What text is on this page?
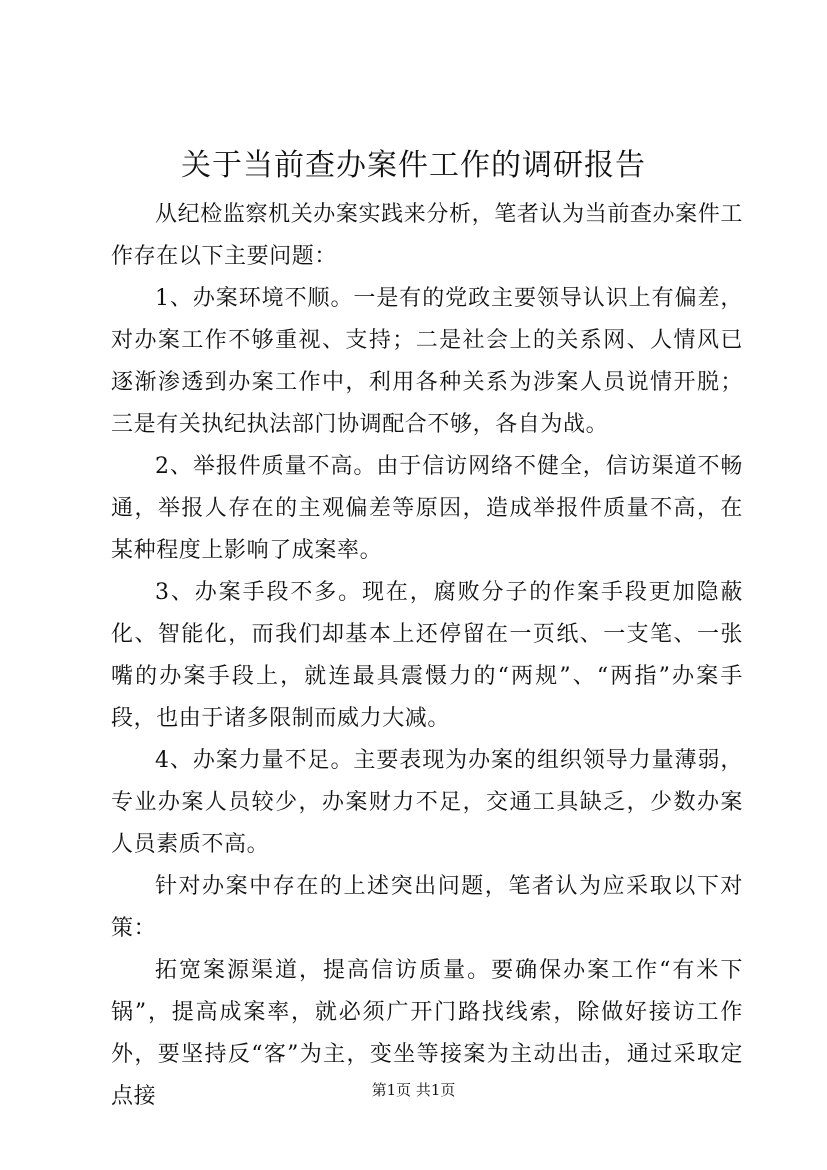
关于当前查办案件工作的调研报告

从纪检监察机关办案实践来分析，笔者认为当前查办案件工作存在以下主要问题：

1、办案环境不顺。一是有的党政主要领导认识上有偏差，对办案工作不够重视、支持；二是社会上的关系网、人情风已逐渐渗透到办案工作中，利用各种关系为涉案人员说情开脱；三是有关执纪执法部门协调配合不够，各自为战。

2、举报件质量不高。由于信访网络不健全，信访渠道不畅通，举报人存在的主观偏差等原因，造成举报件质量不高，在某种程度上影响了成案率。

3、办案手段不多。现在，腐败分子的作案手段更加隐蔽化、智能化，而我们却基本上还停留在一页纸、一支笔、一张嘴的办案手段上，就连最具震慑力的“两规”、“两指”办案手段，也由于诸多限制而威力大减。

4、办案力量不足。主要表现为办案的组织领导力量薄弱，专业办案人员较少，办案财力不足，交通工具缺乏，少数办案人员素质不高。

针对办案中存在的上述突出问题，笔者认为应采取以下对策：

拓宽案源渠道，提高信访质量。要确保办案工作“有米下锅”，提高成案率，就必须广开门路找线索，除做好接访工作外，要坚持反“客”为主，变坐等接案为主动出击，通过采取定点接	第1页 共1页
